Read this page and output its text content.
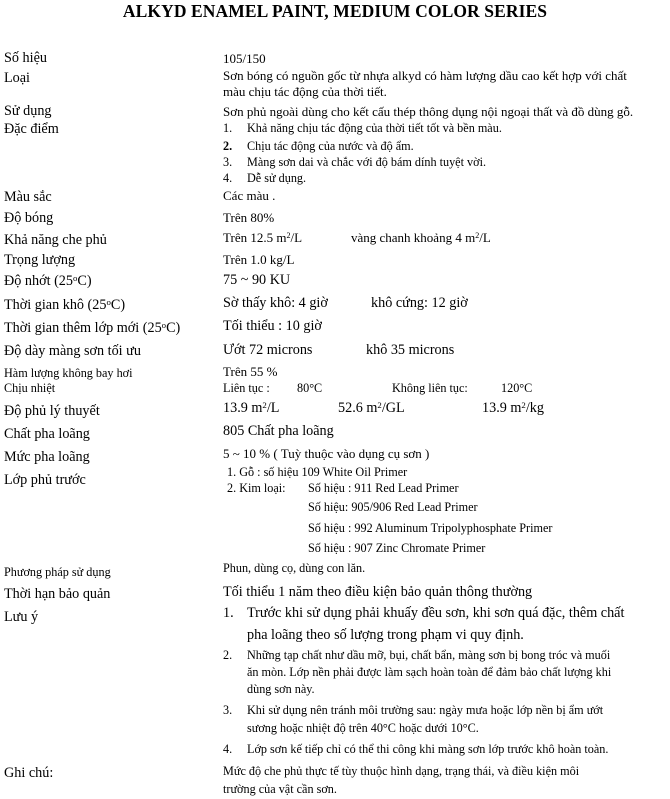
ALKYD ENAMEL PAINT, MEDIUM COLOR SERIES
Số hiệu	105/150
Loại	Sơn bóng có nguồn gốc từ nhựa alkyd có hàm lượng dầu cao kết hợp với chất
màu chịu tác động của thời tiết.
Sử dụng	Sơn phủ ngoài dùng cho kết cấu thép thông dụng nội ngoại thất và đồ dùng gỗ.
Đặc điểm	1. Khả năng chịu tác động của thời tiết tốt và bền màu.
2. Chịu tác động của nước và độ ẩm.
3. Màng sơn dai và chắc với độ bám dính tuyệt vời.
4. Dễ sử dụng.
Màu sắc	Các màu .
Độ bóng	Trên 80%
Khả năng che phủ	Trên 12.5 $m^2/L$	vàng chanh khoảng 4 $m^2/L$
Trọng lượng	Trên 1.0 kg/L
Độ nhớt (25$^o$C)	75 ~ 90 KU
Thời gian khô (25$^o$C)	Sờ thấy khô: 4 giờ	khô cứng: 12 giờ
Thời gian thêm lớp mới (25$^o$C)	Tối thiểu : 10 giờ
Độ dày màng sơn tối ưu	Ướt 72 microns	khô 35 microns
Hàm lượng không bay hơi	Trên 55 %
Chịu nhiệt	Liên tục : 80°C	Không liên tục:	120°C
Độ phủ lý thuyết	13.9 $m^2/L$	52.6 $m^2/GL$	13.9 $m^2/kg$
Chất pha loãng	805 Chất pha loãng
Mức pha loãng	5 ~ 10 % ( Tuỳ thuộc vào dụng cụ sơn )
Lớp phủ trước	1. Gỗ : số hiệu 109 White Oil Primer
2. Kim loại: Số hiệu : 911 Red Lead Primer
Số hiệu: 905/906 Red Lead Primer
Số hiệu : 992 Aluminum Tripolyphosphate Primer
Số hiệu : 907 Zinc Chromate Primer
Phương pháp sử dụng	Phun, dùng cọ, dùng con lăn.
Thời hạn bảo quản	Tối thiểu 1 năm theo điều kiện bảo quản thông thường
Lưu ý	1. Trước khi sử dụng phải khuấy đều sơn, khi sơn quá đặc, thêm chất
pha loãng theo số lượng trong phạm vi quy định.
2. Những tạp chất như dầu mỡ, bụi, chất bẩn, màng sơn bị bong tróc và muối
ăn mòn. Lớp nền phải được làm sạch hoàn toàn để đảm bảo chất lượng khi
dùng sơn này.
3. Khi sử dụng nên tránh môi trường sau: ngày mưa hoặc lớp nền bị ẩm ướt
sương hoặc nhiệt độ trên 40°C hoặc dưới 10°C.
4. Lớp sơn kế tiếp chỉ có thể thi công khi màng sơn lớp trước khô hoàn toàn.
Ghi chú:	Mức độ che phủ thực tế tùy thuộc hình dạng, trạng thái, và điều kiện môi
trường của vật cần sơn.
